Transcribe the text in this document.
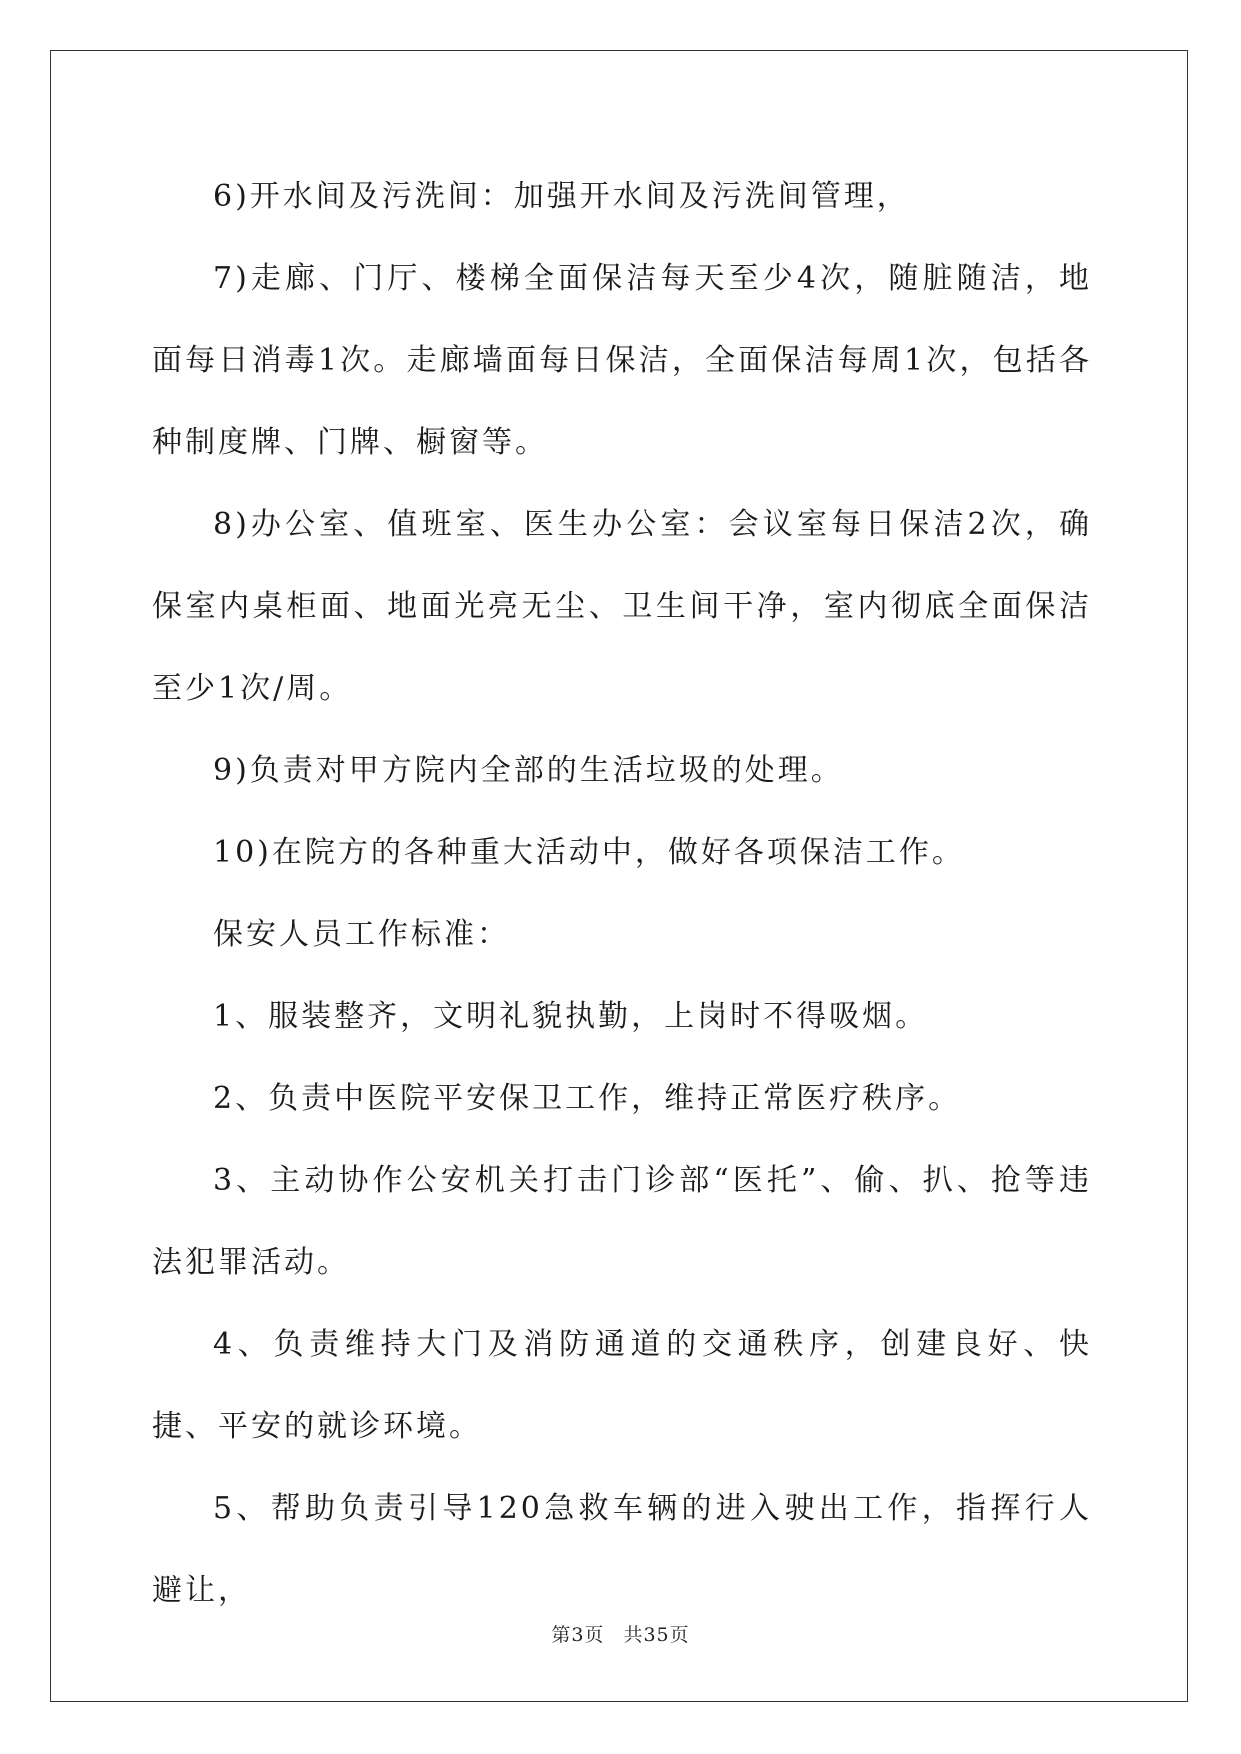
6)开水间及污洗间：加强开水间及污洗间管理，

7)走廊、门厅、楼梯全面保洁每天至少4次，随脏随洁，地面每日消毒1次。走廊墙面每日保洁，全面保洁每周1次，包括各种制度牌、门牌、橱窗等。

8)办公室、值班室、医生办公室：会议室每日保洁2次，确保室内桌柜面、地面光亮无尘、卫生间干净，室内彻底全面保洁至少1次/周。

9)负责对甲方院内全部的生活垃圾的处理。

10)在院方的各种重大活动中，做好各项保洁工作。

保安人员工作标准：

1、服装整齐，文明礼貌执勤，上岗时不得吸烟。

2、负责中医院平安保卫工作，维持正常医疗秩序。

3、主动协作公安机关打击门诊部“医托”、偷、扒、抢等违法犯罪活动。

4、负责维持大门及消防通道的交通秩序，创建良好、快捷、平安的就诊环境。

5、帮助负责引导120急救车辆的进入驶出工作，指挥行人避让，

第3页 共35页
